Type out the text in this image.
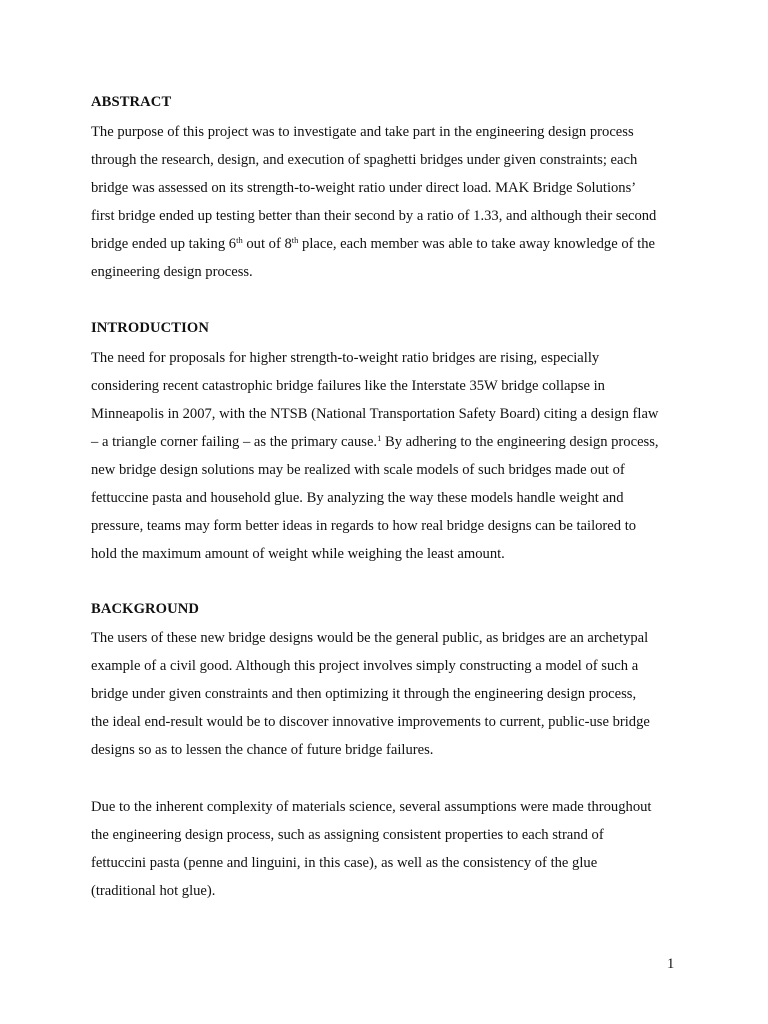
ABSTRACT
The purpose of this project was to investigate and take part in the engineering design process
through the research, design, and execution of spaghetti bridges under given constraints; each
bridge was assessed on its strength-to-weight ratio under direct load. MAK Bridge Solutions’
first bridge ended up testing better than their second by a ratio of 1.33, and although their second
bridge ended up taking 6th out of 8th place, each member was able to take away knowledge of the
engineering design process.
INTRODUCTION
The need for proposals for higher strength-to-weight ratio bridges are rising, especially
considering recent catastrophic bridge failures like the Interstate 35W bridge collapse in
Minneapolis in 2007, with the NTSB (National Transportation Safety Board) citing a design flaw
– a triangle corner failing – as the primary cause.$^1$ By adhering to the engineering design process,
new bridge design solutions may be realized with scale models of such bridges made out of
fettuccine pasta and household glue. By analyzing the way these models handle weight and
pressure, teams may form better ideas in regards to how real bridge designs can be tailored to
hold the maximum amount of weight while weighing the least amount.
BACKGROUND
The users of these new bridge designs would be the general public, as bridges are an archetypal
example of a civil good. Although this project involves simply constructing a model of such a
bridge under given constraints and then optimizing it through the engineering design process,
the ideal end-result would be to discover innovative improvements to current, public-use bridge
designs so as to lessen the chance of future bridge failures.
Due to the inherent complexity of materials science, several assumptions were made throughout
the engineering design process, such as assigning consistent properties to each strand of
fettuccini pasta (penne and linguini, in this case), as well as the consistency of the glue
(traditional hot glue).
1
